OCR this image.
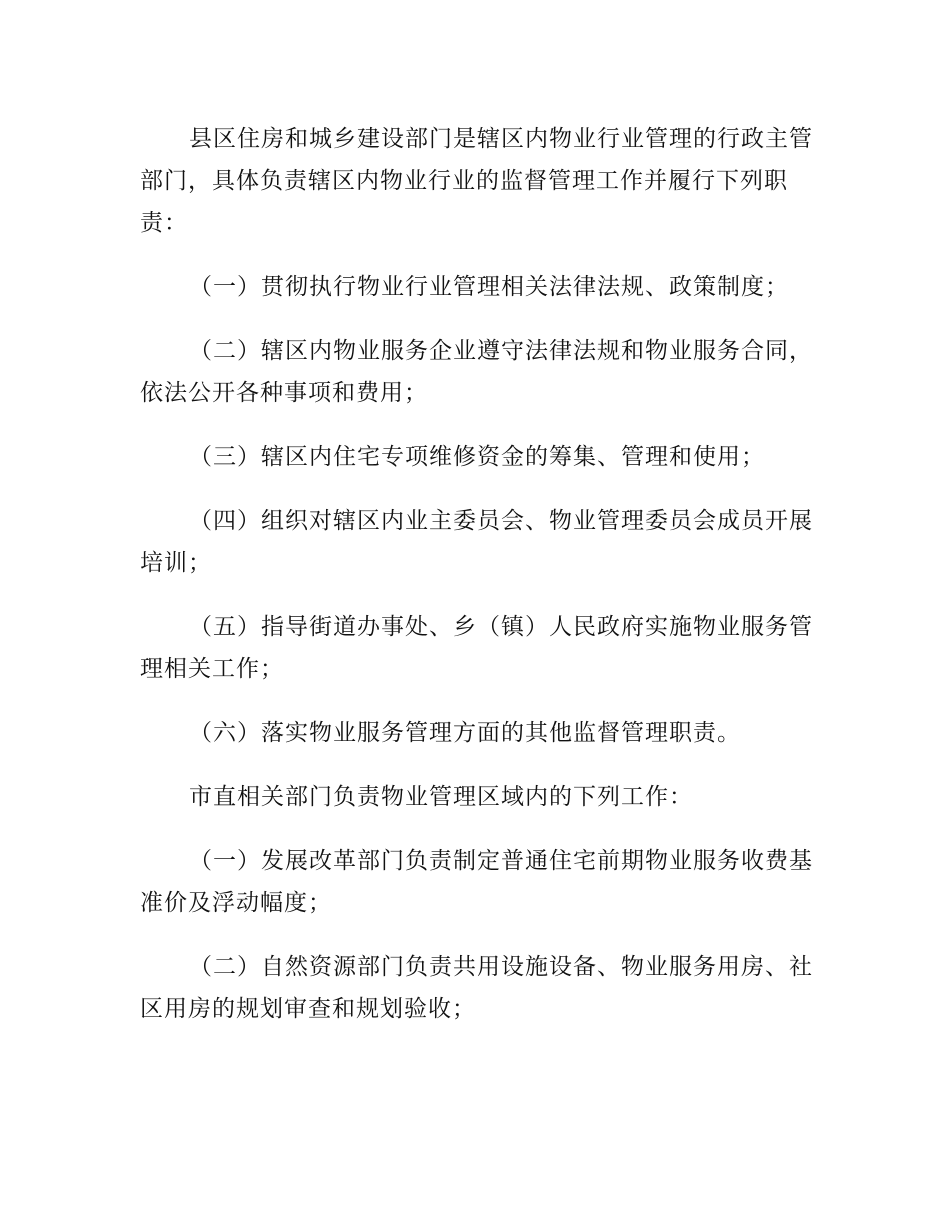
县区住房和城乡建设部门是辖区内物业行业管理的行政主管部门，具体负责辖区内物业行业的监督管理工作并履行下列职责：

（一）贯彻执行物业行业管理相关法律法规、政策制度；

（二）辖区内物业服务企业遵守法律法规和物业服务合同，依法公开各种事项和费用；

（三）辖区内住宅专项维修资金的筹集、管理和使用；

（四）组织对辖区内业主委员会、物业管理委员会成员开展培训；

（五）指导街道办事处、乡（镇）人民政府实施物业服务管理相关工作；

（六）落实物业服务管理方面的其他监督管理职责。

市直相关部门负责物业管理区域内的下列工作：

（一）发展改革部门负责制定普通住宅前期物业服务收费基准价及浮动幅度；

（二）自然资源部门负责共用设施设备、物业服务用房、社区用房的规划审查和规划验收；
